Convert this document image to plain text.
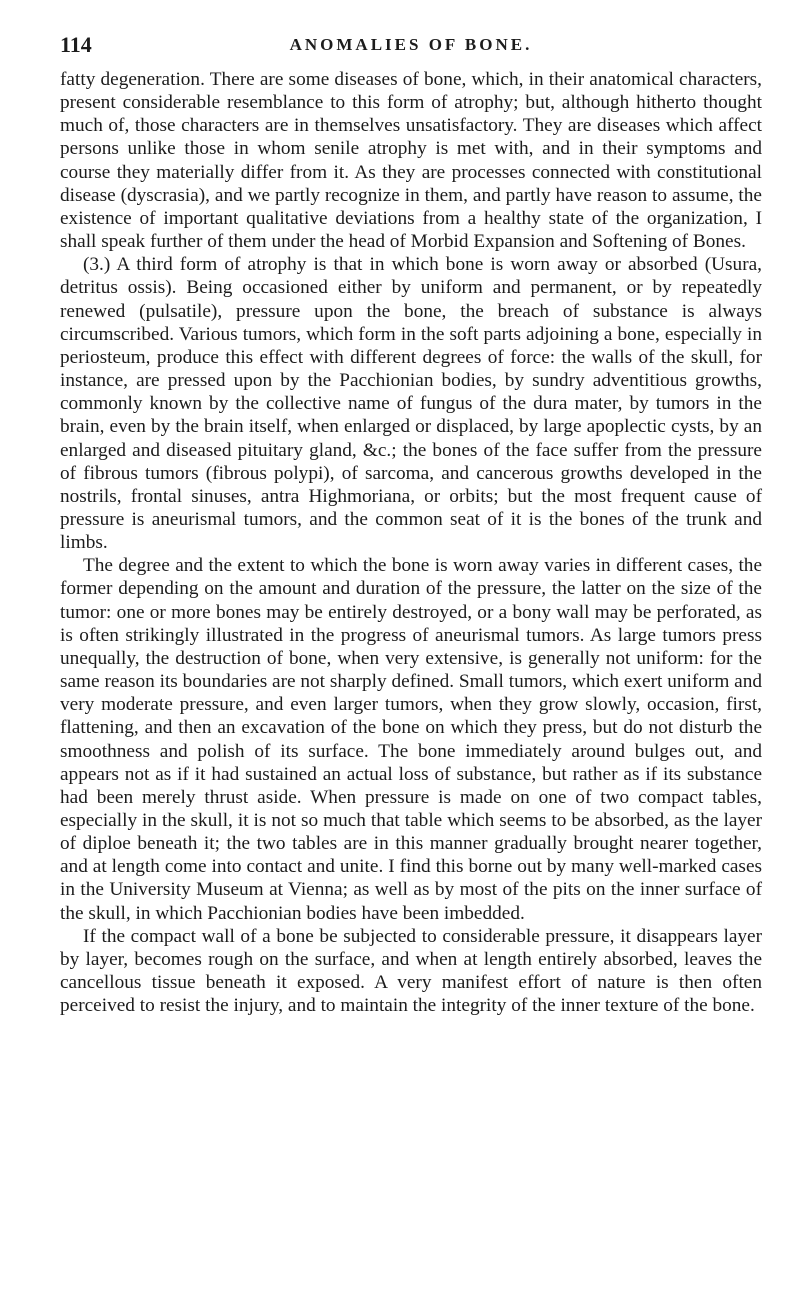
114	ANOMALIES OF BONE.

fatty degeneration. There are some diseases of bone, which, in their anatomical characters, present considerable resemblance to this form of atrophy; but, although hitherto thought much of, those characters are in themselves unsatisfactory. They are diseases which affect persons unlike those in whom senile atrophy is met with, and in their symptoms and course they materially differ from it. As they are processes connected with constitutional disease (dyscrasia), and we partly recognize in them, and partly have reason to assume, the existence of important qualitative deviations from a healthy state of the organization, I shall speak further of them under the head of Morbid Expansion and Softening of Bones.

(3.) A third form of atrophy is that in which bone is worn away or absorbed (Usura, detritus ossis). Being occasioned either by uniform and permanent, or by repeatedly renewed (pulsatile), pressure upon the bone, the breach of substance is always circumscribed. Various tumors, which form in the soft parts adjoining a bone, especially in periosteum, produce this effect with different degrees of force: the walls of the skull, for instance, are pressed upon by the Pacchionian bodies, by sundry adventitious growths, commonly known by the collective name of fungus of the dura mater, by tumors in the brain, even by the brain itself, when enlarged or displaced, by large apoplectic cysts, by an enlarged and diseased pituitary gland, &c.; the bones of the face suffer from the pressure of fibrous tumors (fibrous polypi), of sarcoma, and cancerous growths developed in the nostrils, frontal sinuses, antra Highmoriana, or orbits; but the most frequent cause of pressure is aneurismal tumors, and the common seat of it is the bones of the trunk and limbs.

The degree and the extent to which the bone is worn away varies in different cases, the former depending on the amount and duration of the pressure, the latter on the size of the tumor: one or more bones may be entirely destroyed, or a bony wall may be perforated, as is often strikingly illustrated in the progress of aneurismal tumors. As large tumors press unequally, the destruction of bone, when very extensive, is generally not uniform: for the same reason its boundaries are not sharply defined. Small tumors, which exert uniform and very moderate pressure, and even larger tumors, when they grow slowly, occasion, first, flattening, and then an excavation of the bone on which they press, but do not disturb the smoothness and polish of its surface. The bone immediately around bulges out, and appears not as if it had sustained an actual loss of substance, but rather as if its substance had been merely thrust aside. When pressure is made on one of two compact tables, especially in the skull, it is not so much that table which seems to be absorbed, as the layer of diploe beneath it; the two tables are in this manner gradually brought nearer together, and at length come into contact and unite. I find this borne out by many well-marked cases in the University Museum at Vienna; as well as by most of the pits on the inner surface of the skull, in which Pacchionian bodies have been imbedded.

If the compact wall of a bone be subjected to considerable pressure, it disappears layer by layer, becomes rough on the surface, and when at length entirely absorbed, leaves the cancellous tissue beneath it exposed. A very manifest effort of nature is then often perceived to resist the injury, and to maintain the integrity of the inner texture of the bone.
